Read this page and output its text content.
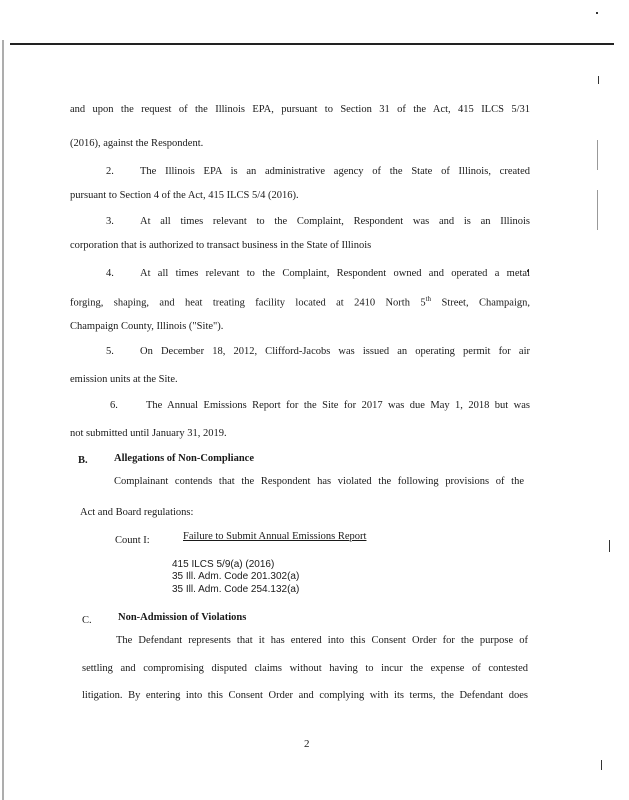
and upon the request of the Illinois EPA, pursuant to Section 31 of the Act, 415 ILCS 5/31
(2016), against the Respondent.
2. The Illinois EPA is an administrative agency of the State of Illinois, created
pursuant to Section 4 of the Act, 415 ILCS 5/4 (2016).
3. At all times relevant to the Complaint, Respondent was and is an Illinois
corporation that is authorized to transact business in the State of Illinois
4. At all times relevant to the Complaint, Respondent owned and operated a metal
forging, shaping, and heat treating facility located at 2410 North 5th Street, Champaign,
Champaign County, Illinois ("Site").
5. On December 18, 2012, Clifford-Jacobs was issued an operating permit for air
emission units at the Site.
6.	The Annual Emissions Report for the Site for 2017 was due May 1, 2018 but was
not submitted until January 31, 2019.
B.	Allegations of Non-Compliance
Complainant contends that the Respondent has violated the following provisions of the
Act and Board regulations:
Count I:	Failure to Submit Annual Emissions Report
415 ILCS 5/9(a) (2016)
35 Ill. Adm. Code 201.302(a)
35 Ill. Adm. Code 254.132(a)
C.	Non-Admission of Violations
The Defendant represents that it has entered into this Consent Order for the purpose of
settling and compromising disputed claims without having to incur the expense of contested
litigation. By entering into this Consent Order and complying with its terms, the Defendant does
2
